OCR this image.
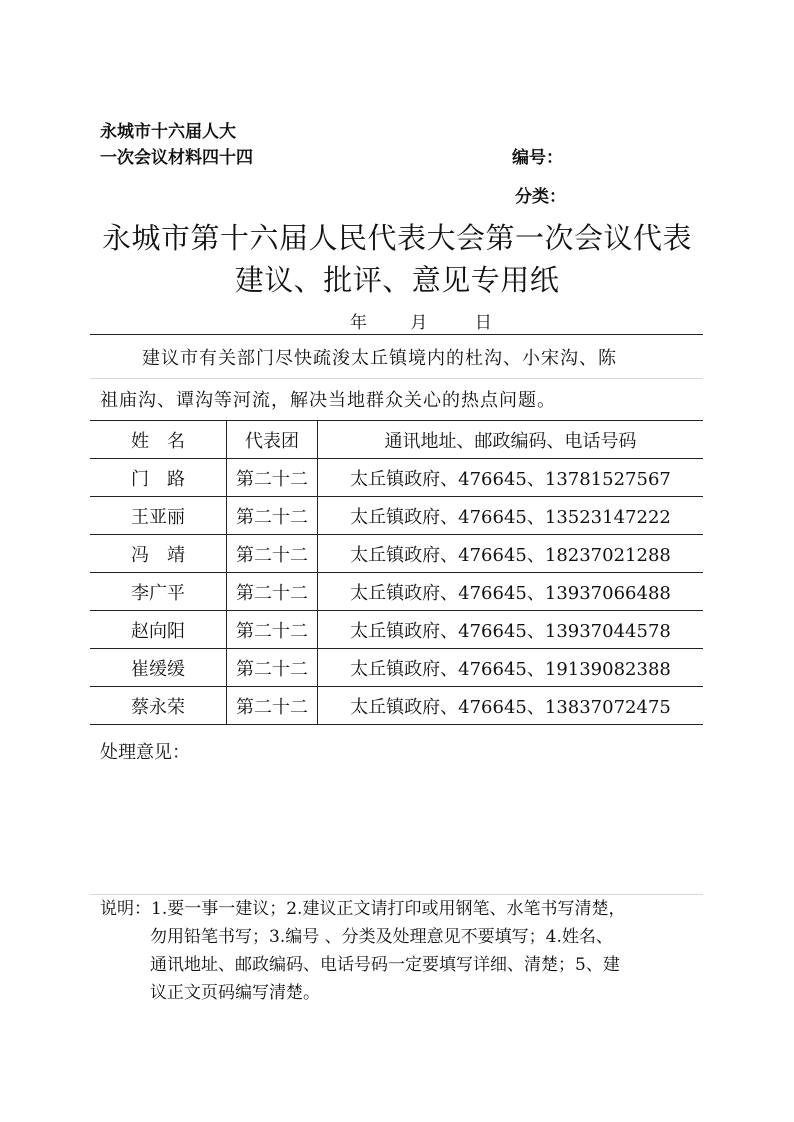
永城市十六届人大
一次会议材料四十四	编号：
分类：
永城市第十六届人民代表大会第一次会议代表
建议、批评、意见专用纸
年	月	日
建议市有关部门尽快疏浚太丘镇境内的杜沟、小宋沟、陈
祖庙沟、谭沟等河流，解决当地群众关心的热点问题。
姓　名	代表团	通讯地址、邮政编码、电话号码
门　路	第二十二	太丘镇政府、476645、13781527567
王亚丽	第二十二	太丘镇政府、476645、13523147222
冯　靖	第二十二	太丘镇政府、476645、18237021288
李广平	第二十二	太丘镇政府、476645、13937066488
赵向阳	第二十二	太丘镇政府、476645、13937044578
崔缓缓	第二十二	太丘镇政府、476645、19139082388
蔡永荣	第二十二	太丘镇政府、476645、13837072475
处理意见：
说明：1.要一事一建议；2.建议正文请打印或用钢笔、水笔书写清楚，
勿用铅笔书写；3.编号 、分类及处理意见不要填写；4.姓名、
通讯地址、邮政编码、电话号码一定要填写详细、清楚；5、建
议正文页码编写清楚。
